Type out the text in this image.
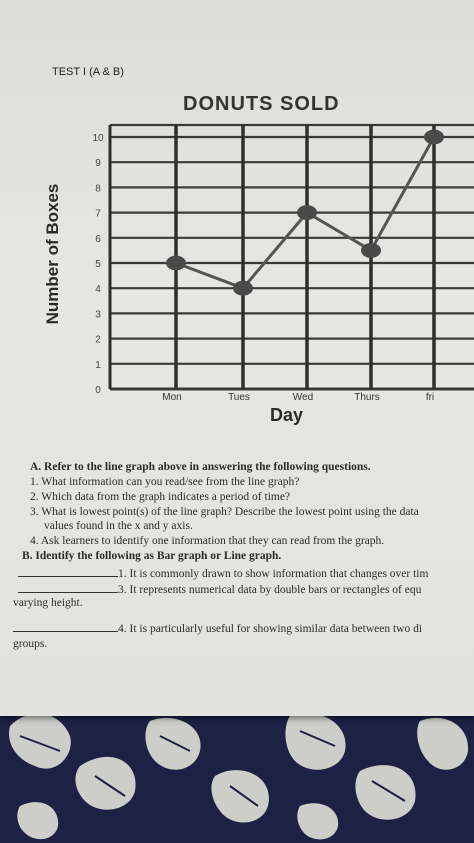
TEST I (A & B)
DONUTS SOLD
Number of Boxes
Day
0
1
2
3
4
5
6
7
8
9
10
Mon	Tues	Wed	Thurs	fri
A. Refer to the line graph above in answering the following questions.
1. What information can you read/see from the line graph?
2. Which data from the graph indicates a period of time?
3. What is lowest point(s) of the line graph? Describe the lowest point using the data
values found in the x and y axis.
4. Ask learners to identify one information that they can read from the graph.
B. Identify the following as Bar graph or Line graph.
1. It is commonly drawn to show information that changes over tim
3. It represents numerical data by double bars or rectangles of equ
varying height.
4. It is particularly useful for showing similar data between two di
groups.
